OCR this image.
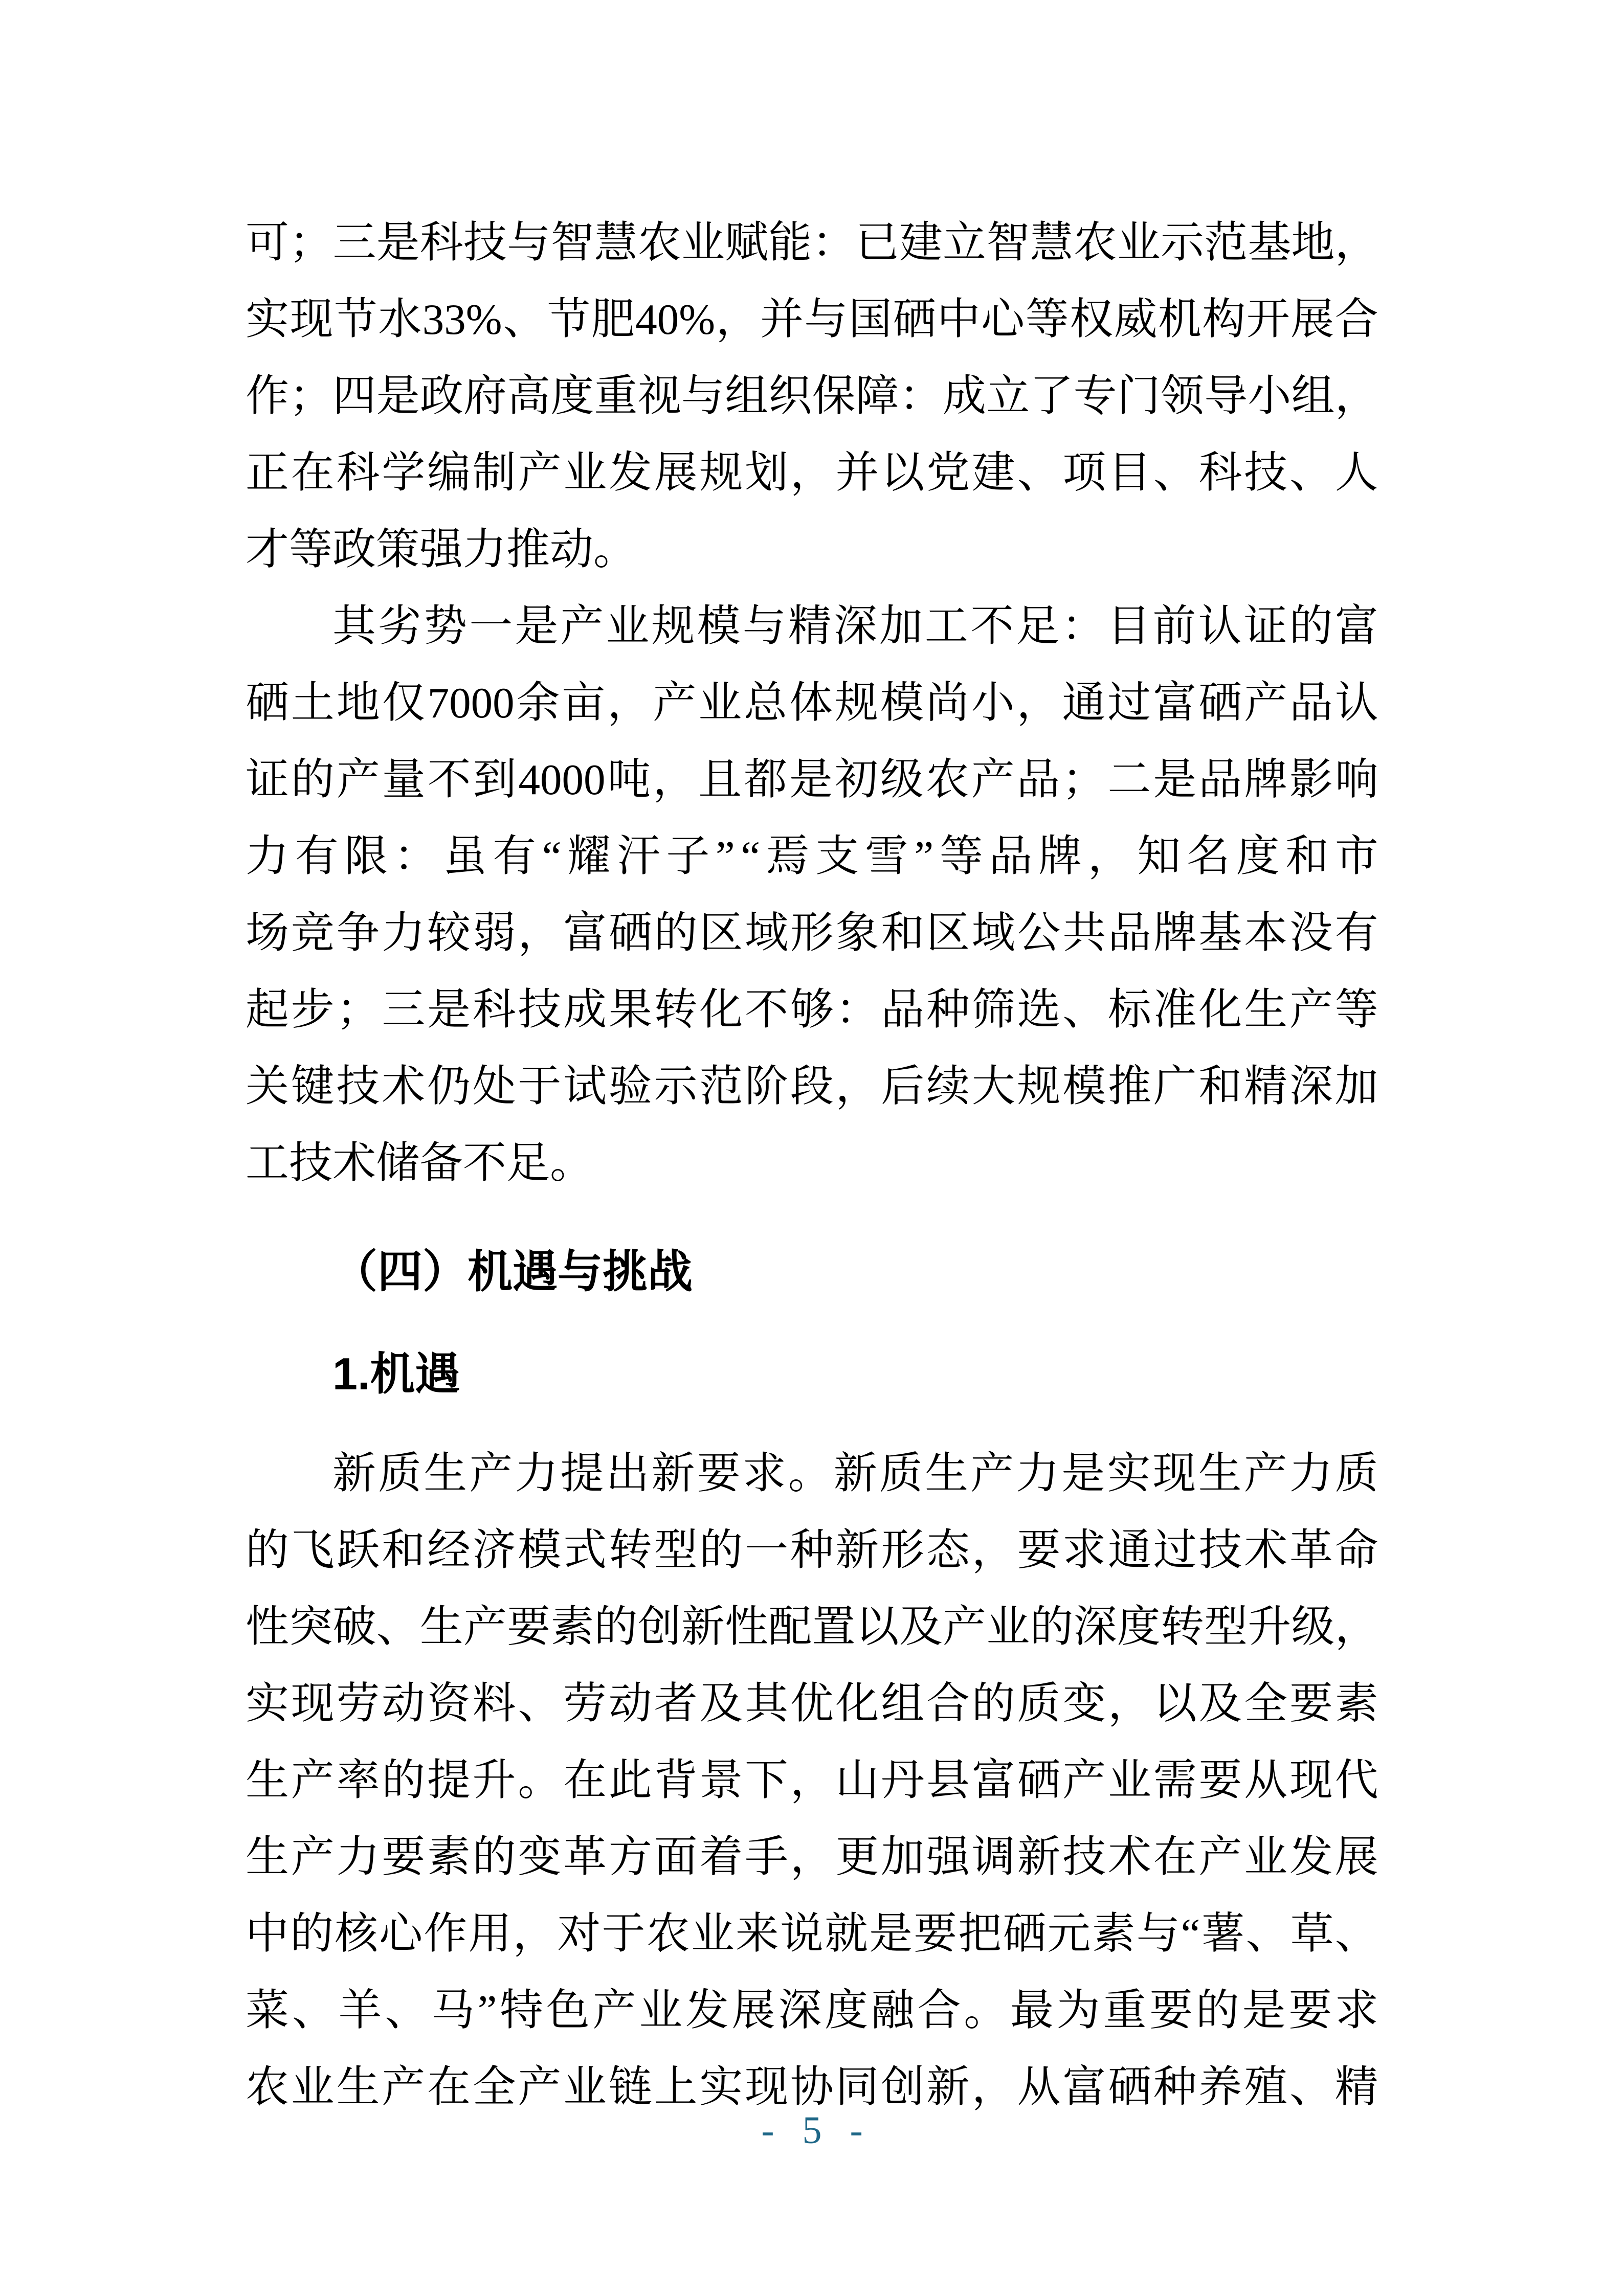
可 ； 三 是 科 技 与 智 慧 农 业 赋 能 ： 已 建 立 智 慧 农 业 示 范 基 地 ，
实 现 节 水 33% 、 节 肥 40% ， 并 与 国 硒 中 心 等 权 威 机 构 开 展 合
作 ； 四 是 政 府 高 度 重 视 与 组 织 保 障 ： 成 立 了 专 门 领 导 小 组 ，
正 在 科 学 编 制 产 业 发 展 规 划 ， 并 以 党 建 、 项 目 、 科 技 、 人
才等政策强力推动。
其 劣 势 一 是 产 业 规 模 与 精 深 加 工 不 足 ： 目 前 认 证 的 富
硒 土 地 仅 7000 余 亩 ， 产 业 总 体 规 模 尚 小 ， 通 过 富 硒 产 品 认
证 的 产 量 不 到 4000 吨 ， 且 都 是 初 级 农 产 品 ； 二 是 品 牌 影 响
力 有 限 ： 虽 有 “ 耀 汗 子 ” “ 焉 支 雪 ” 等 品 牌 ， 知 名 度 和 市
场 竞 争 力 较 弱 ， 富 硒 的 区 域 形 象 和 区 域 公 共 品 牌 基 本 没 有
起 步 ； 三 是 科 技 成 果 转 化 不 够 ： 品 种 筛 选 、 标 准 化 生 产 等
关 键 技 术 仍 处 于 试 验 示 范 阶 段 ， 后 续 大 规 模 推 广 和 精 深 加
工技术储备不足。
（四）机遇与挑战
1.机遇
新 质 生 产 力 提 出 新 要 求 。 新 质 生 产 力 是 实 现 生 产 力 质
的 飞 跃 和 经 济 模 式 转 型 的 一 种 新 形 态 ， 要 求 通 过 技 术 革 命
性 突 破 、 生 产 要 素 的 创 新 性 配 置 以 及 产 业 的 深 度 转 型 升 级 ，
实 现 劳 动 资 料 、 劳 动 者 及 其 优 化 组 合 的 质 变 ， 以 及 全 要 素
生 产 率 的 提 升 。 在 此 背 景 下 ， 山 丹 县 富 硒 产 业 需 要 从 现 代
生 产 力 要 素 的 变 革 方 面 着 手 ， 更 加 强 调 新 技 术 在 产 业 发 展
中 的 核 心 作 用 ， 对 于 农 业 来 说 就 是 要 把 硒 元 素 与 “ 薯 、 草 、
菜 、 羊 、 马 ” 特 色 产 业 发 展 深 度 融 合 。 最 为 重 要 的 是 要 求
农 业 生 产 在 全 产 业 链 上 实 现 协 同 创 新 ， 从 富 硒 种 养 殖 、 精
- 5 -
